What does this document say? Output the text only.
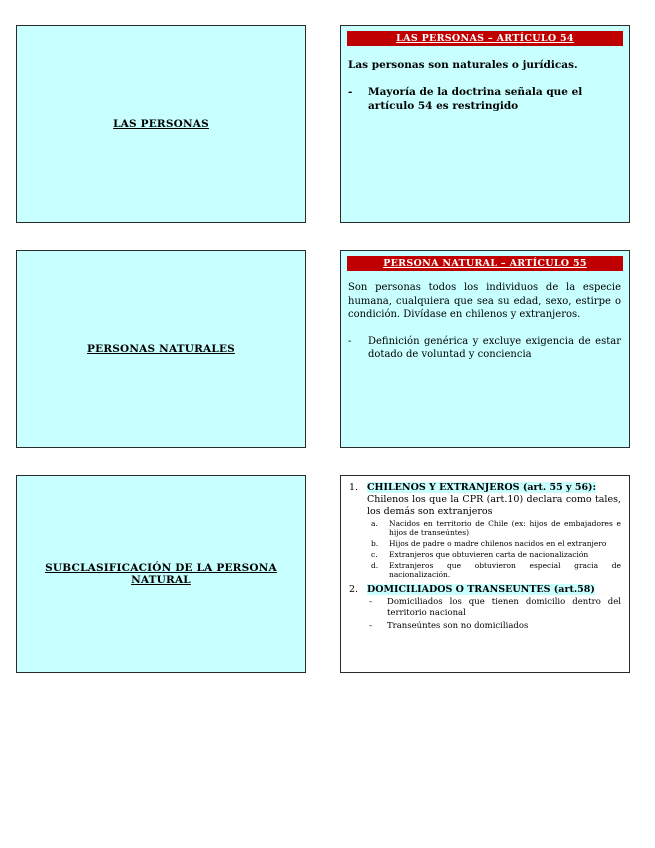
LAS PERSONAS
LAS PERSONAS – ARTÍCULO 54
Las personas son naturales o jurídicas.
-	Mayoría de la doctrina señala que el artículo 54 es restringido
PERSONAS NATURALES
PERSONA NATURAL – ARTÍCULO 55
Son personas todos los individuos de la especie humana, cualquiera que sea su edad, sexo, estirpe o condición. Divídase en chilenos y extranjeros.
-	Definición genérica y excluye exigencia de estar dotado de voluntad y conciencia
SUBCLASIFICACIÓN DE LA PERSONA NATURAL
1. CHILENOS Y EXTRANJEROS (art. 55 y 56):
Chilenos los que la CPR (art.10) declara como tales, los demás son extranjeros
a.	Nacidos en territorio de Chile (ex: hijos de embajadores e hijos de transeúntes)
b.	Hijos de padre o madre chilenos nacidos en el extranjero
c.	Extranjeros que obtuvieren carta de nacionalización
d.	Extranjeros que obtuvieron especial gracia de nacionalización.
2. DOMICILIADOS O TRANSEUNTES (art.58)
-	Domiciliados los que tienen domicilio dentro del territorio nacional
-	Transeúntes son no domiciliados
